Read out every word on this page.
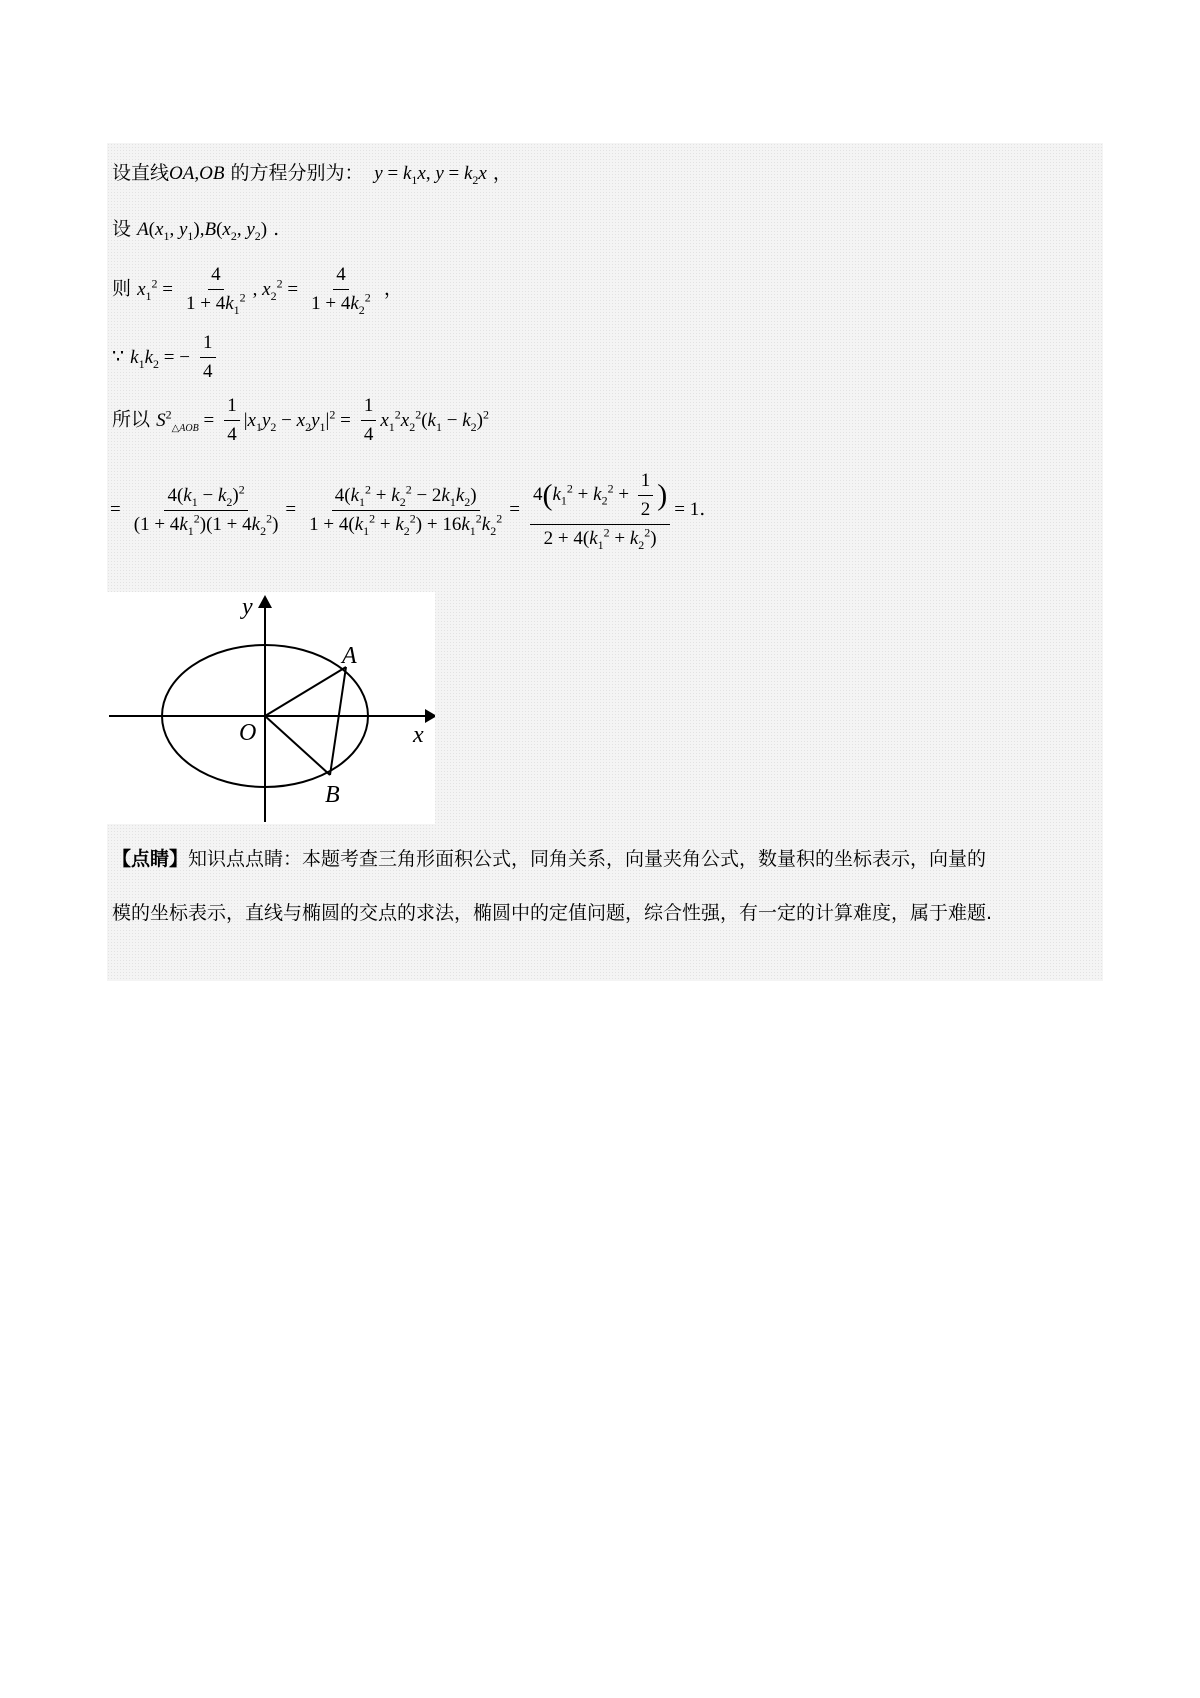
设直线OA,OB 的方程分别为：  $y = k_1x$, $y = k_2x$ ，
设 $A(x_1$, $y_1),B(x_2$, $y_2$) .
则 $x_1^2 = \frac{4}{1 + 4k_1^2}$ , $x_2^2 = \frac{4}{1 + 4k_2^2}$ ，
∵ $k_1k_2$ = − $\frac{1}{4}$
所以 $S^2_{\triangle AOB} = \frac{1}{4} |x_1y_2 - x_2y_1|^2 = \frac{1}{4} x_1^2x_2^2(k_1 - k_2)^2$
= $\frac{4(k_1 - k_2)^2}{(1 + 4k_1^2)(1 + 4k_2^2)} = \frac{4(k_1^2 + k_2^2 - 2k_1k_2)}{1 + 4(k_1^2 + k_2^2) + 16k_1^2k_2^2} = \frac{4(k_1^2 + k_2^2 + \frac{1}{2} )}{2 + 4(k_1^2 + k_2^2)} = 1$.
y
x
O
A
B
【点睛】知识点点睛：本题考查三角形面积公式，同角关系，向量夹角公式，数量积的坐标表示，向量的
模的坐标表示，直线与椭圆的交点的求法，椭圆中的定值问题，综合性强，有一定的计算难度，属于难题.
